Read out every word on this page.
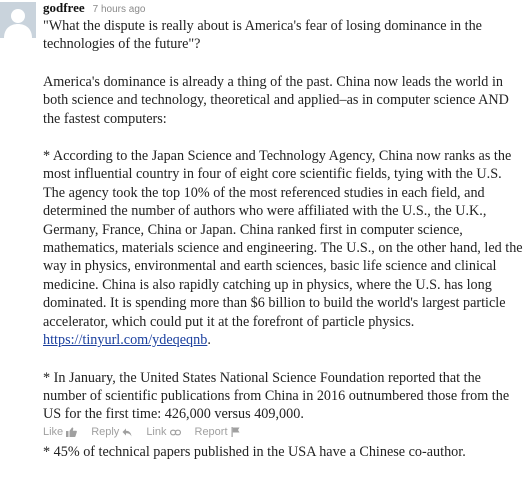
godfree 7 hours ago

"What the dispute is really about is America's fear of losing dominance in the technologies of the future"?

America's dominance is already a thing of the past. China now leads the world in both science and technology, theoretical and applied–as in computer science AND the fastest computers:

* According to the Japan Science and Technology Agency, China now ranks as the most influential country in four of eight core scientific fields, tying with the U.S. The agency took the top 10% of the most referenced studies in each field, and determined the number of authors who were affiliated with the U.S., the U.K., Germany, France, China or Japan. China ranked first in computer science, mathematics, materials science and engineering. The U.S., on the other hand, led the way in physics, environmental and earth sciences, basic life science and clinical medicine. China is also rapidly catching up in physics, where the U.S. has long dominated. It is spending more than $6 billion to build the world's largest particle accelerator, which could put it at the forefront of particle physics. https://tinyurl.com/ydeqeqnb.

* In January, the United States National Science Foundation reported that the number of scientific publications from China in 2016 outnumbered those from the US for the first time: 426,000 versus 409,000.

* 45% of technical papers published in the USA have a Chinese co-author.

Like	Reply Link	Report
